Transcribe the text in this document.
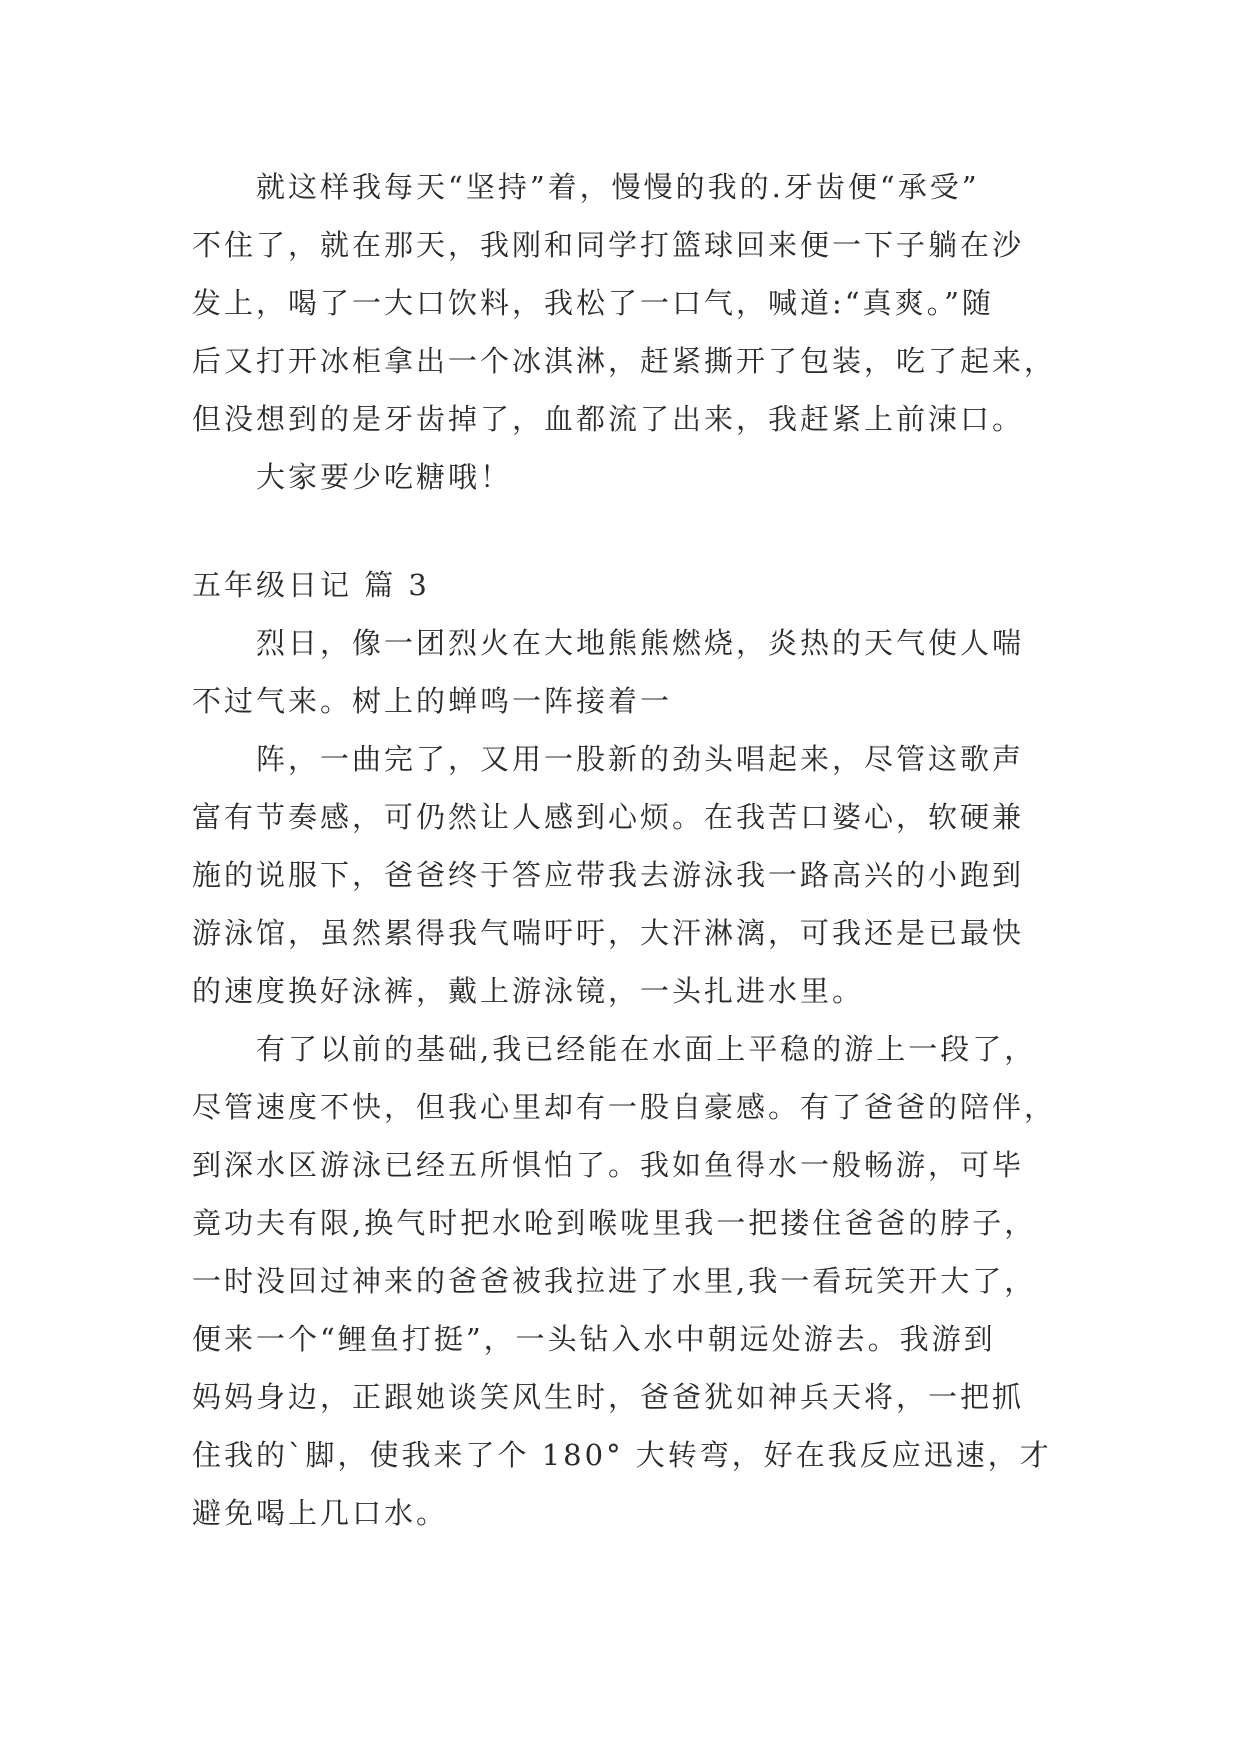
就这样我每天“坚持”着，慢慢的我的.牙齿便“承受”
不住了，就在那天，我刚和同学打篮球回来便一下子躺在沙
发上，喝了一大口饮料，我松了一口气，喊道:“真爽。”随
后又打开冰柜拿出一个冰淇淋，赶紧撕开了包装，吃了起来，
但没想到的是牙齿掉了，血都流了出来，我赶紧上前涑口。
大家要少吃糖哦！
五年级日记 篇 3
烈日，像一团烈火在大地熊熊燃烧，炎热的天气使人喘
不过气来。树上的蝉鸣一阵接着一
阵，一曲完了，又用一股新的劲头唱起来，尽管这歌声
富有节奏感，可仍然让人感到心烦。在我苦口婆心，软硬兼
施的说服下，爸爸终于答应带我去游泳我一路高兴的小跑到
游泳馆，虽然累得我气喘吁吁，大汗淋漓，可我还是已最快
的速度换好泳裤，戴上游泳镜，一头扎进水里。
有了以前的基础,我已经能在水面上平稳的游上一段了，
尽管速度不快，但我心里却有一股自豪感。有了爸爸的陪伴，
到深水区游泳已经五所惧怕了。我如鱼得水一般畅游，可毕
竟功夫有限,换气时把水呛到喉咙里我一把搂住爸爸的脖子，
一时没回过神来的爸爸被我拉进了水里,我一看玩笑开大了，
便来一个“鲤鱼打挺”，一头钻入水中朝远处游去。我游到
妈妈身边，正跟她谈笑风生时，爸爸犹如神兵天将，一把抓
住我的`脚，使我来了个 180° 大转弯，好在我反应迅速，才
避免喝上几口水。
